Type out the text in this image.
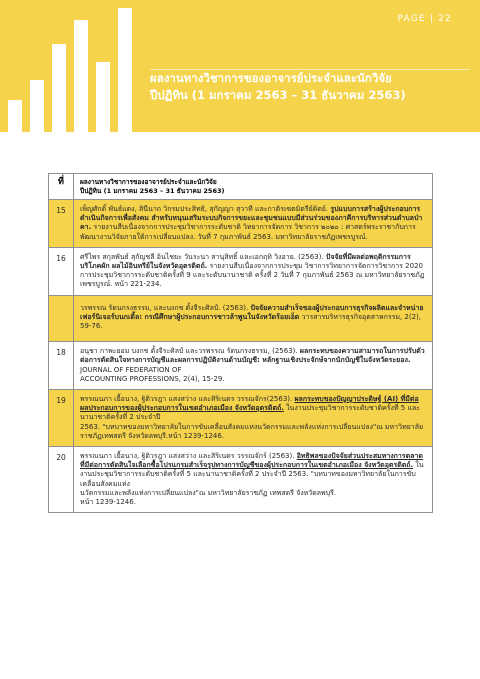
PAGE | 22
ผลงานทางวิชาการของอาจารย์ประจำและนักวิจัย
ปีปฏิทิน (1 มกราคม 2563 – 31 ธันวาคม 2563)
ที่	ผลงานทางวิชาการของอาจารย์ประจำและนักวิจัย
ปีปฏิทิน (1 มกราคม 2563 – 31 ธันวาคม 2563)

15	เพ็ญศักดิ์ พันธ์แตง, สินีนาถ วิกรมประสิทธิ, สุกัญญา สุวาที และกาติรเซตมิตรีย์ดิตย์. รูปแบบการสร้างผู้ประกอบการดำเนินกิจการเพื่อสังคม สำหรับหนุนเสริมระบบกิจการขยะและชุมชนแบบมีส่วนร่วมของภาคีการบริหารส่วนตำบลป่าคา. รายงานสืบเนื่องจากการประชุมวิชาการระดับชาติ วิทยาการจัดการ วิชาการ ๒๐๒๐ : ศาสตร์พระราชากับการพัฒนางานวิจัยภายใต้การเปลี่ยนแปลง. วันที่ 7 กุมภาพันธ์ 2563. มหาวิทยาลัยราชภัฏเพชรบูรณ์.
16	ศรีไพร สกุลพันธ์ สุกัญชลี อินไชยะ วันระนา สานุสิทธิ์ และเอกฤทิ วิงอาย. (2563). ปัจจัยที่มีผลต่อพฤติกรรมการบริโภคผัก ผลไม้อินทรีย์ในจังหวัดอุตรดิตถ์. รายงานสืบเนื่องจากการประชุม วิชาการวิทยาการจัดการวิชาการ 2020 การประชุมวิชาการระดับชาติครั้งที่ 9 และระดับนานาชาติ ครั้งที่ 2 วันที่ 7 กุมภาพันธ์ 2563 ณ มหาวิทยาลัยราชภัฏเพชรบูรณ์. หน้า 221-234.
	วรพรรณ รัตนกรงธรรม, และบงกช ตั้งจีระศิลป์. (2563). ปัจจัยความสำเร็จของผู้ประกอบการธุรกิจผลิตและจำหน่ายเฟอร์นิเจอร์บนกเดิ้ล: กรณีศึกษาผู้ประกอบการชาวล้าพูนในจังหวัดร้อยเอ็ด วารสารบริหารธุรกิจอุตสาหกรรม, 2(2), 59-76.
18	อนุชา กาพะยอม บงกช ตั้งจีระศิลป์ และวรพรรณ รัตนกรงธรรม, (2563). ผลกระทบของความสามารถในการปรับตัวต่อการตัดสินใจทางการบัญชีและผลการปฏิบัติงานด้านบัญชี: หลักฐานเชิงประจักษ์จากนักบัญชีในจังหวัดระยอง.
JOURNAL OF FEDERATION OF
ACCOUNTING PROFESSIONS, 2(4), 15-29.

19	พรรณนภา เยื้อนาง, ฐิติวรฎา แสงสว่าง และสิริเนตร วรรณจักร(2563). ผลกระทบของปัญญาประดิษฐ์ (AI) ที่มีต่อผลประกอบการของผู้ประกอบการในเขตอำเภอเมือง จังหวัดอุตรดิตถ์. ในงานประชุมวิชาการระดับชาติครั้งที่ 5 และนานาชาติครั้งที่ 2 ประจำปี
2563. "บทบาทของมหาวิทยาลัยในการขับเคลื่อนสังคมแห่งนวัตกรรมและพลังแห่งการเปลี่ยนแปลง"ณ มหาวิทยาลัยราชภัฏเทพสตรี จังหวัดลพบุรี.หน้า 1239-1246.

20	พรรณนภา เยื้อนาง, ฐิติวรฎา แสงสว่าง และสิริเนตร วรรณจักร์ (2563). อิทธิพลของปัจจัยส่วนประสมทางการตลาดที่มีต่อการตัดสินใจเลือกซื้อโปรแกรมสำเร็จรูปทางการบัญชีของผู้ประกอบการในเขตอำเภอเมือง จังหวัดอุตรดิตถ์. ในงานประชุมวิชาการระดับชาติครั้งที่ 5 และนานาชาติครั้งที่ 2 ประจำปี 2563. "บทบาทของมหาวิทยาลัยในการขับเคลื่อนสังคมแห่ง
นวัตกรรมและพลังแห่งการเปลี่ยนแปลง"ณ มหาวิทยาลัยราชภัฏ เทพสตรี จังหวัดลพบุรี.
หน้า 1239-1246.
